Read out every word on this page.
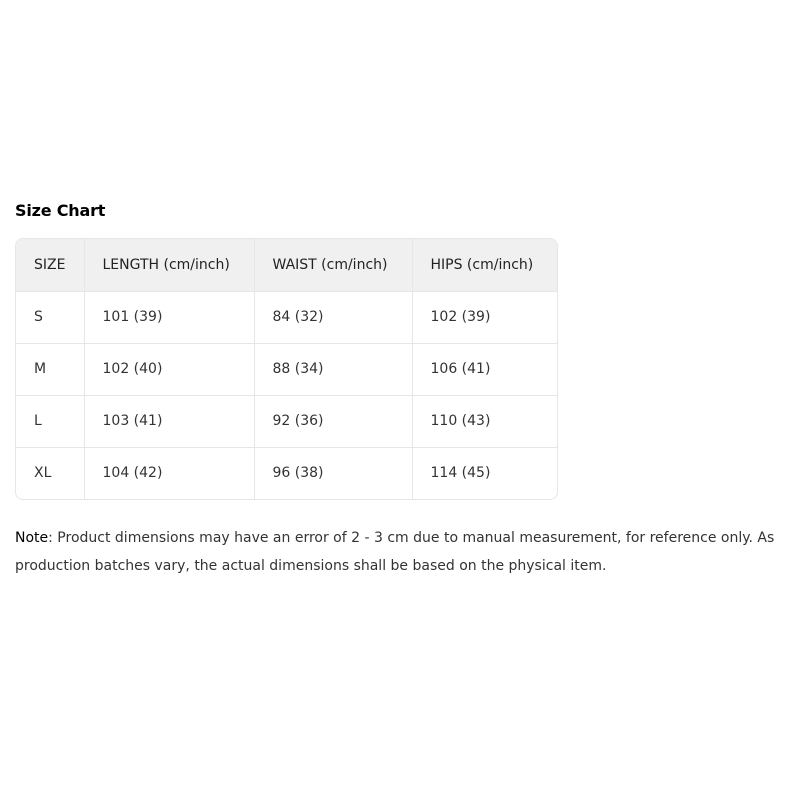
Size Chart
SIZE	LENGTH (cm/inch)	WAIST (cm/inch)	HIPS (cm/inch)
S	101 (39)	84 (32)	102 (39)
M	102 (40)	88 (34)	106 (41)
L	103 (41)	92 (36)	110 (43)
XL	104 (42)	96 (38)	114 (45)
Note: Product dimensions may have an error of 2 - 3 cm due to manual measurement, for reference only. As production batches vary, the actual dimensions shall be based on the physical item.
